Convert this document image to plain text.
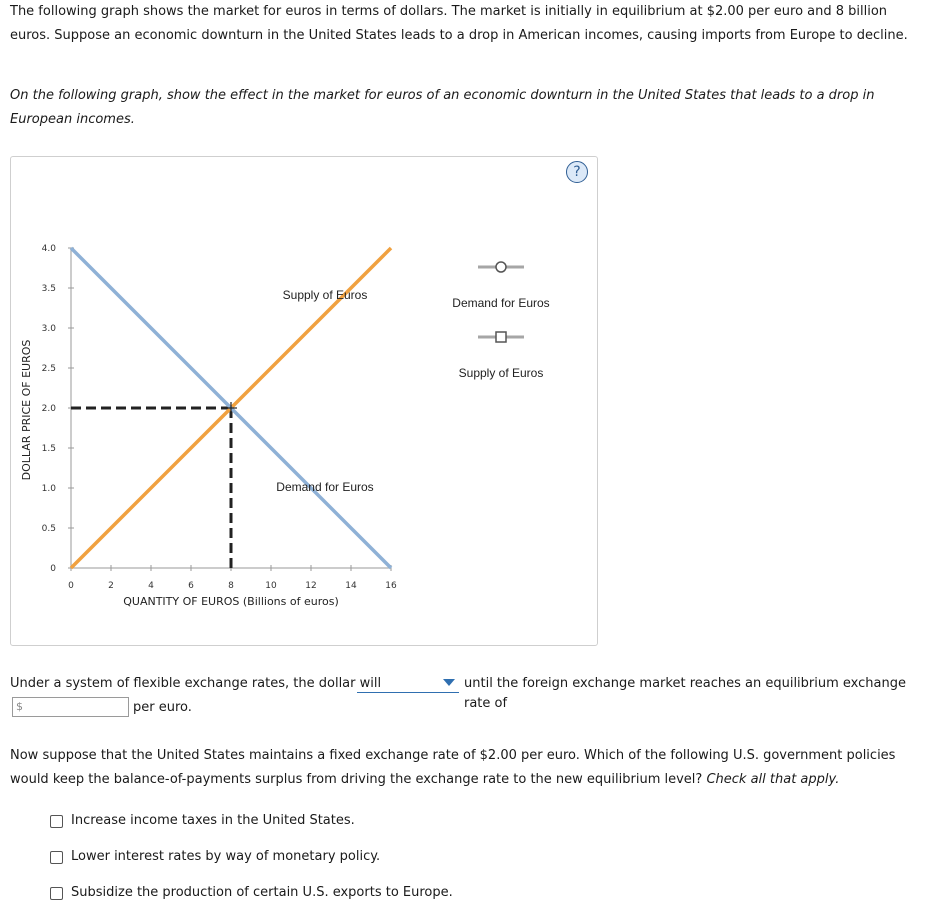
The following graph shows the market for euros in terms of dollars. The market is initially in equilibrium at $2.00 per euro and 8 billion euros. Suppose an economic downturn in the United States leads to a drop in American incomes, causing imports from Europe to decline.

On the following graph, show the effect in the market for euros of an economic downturn in the United States that leads to a drop in European incomes.

?
0
0.5
1.0
1.5
2.0
2.5
3.0
3.5
4.0
0	2	4	6	8	10	12	14	16
QUANTITY OF EUROS (Billions of euros)
DOLLAR PRICE OF EUROS
Supply of Euros
Demand for Euros
Demand for Euros
Supply of Euros
Under a system of flexible exchange rates, the dollar will	until the foreign exchange market reaches an equilibrium exchange rate of
$	per euro.

Now suppose that the United States maintains a fixed exchange rate of $2.00 per euro. Which of the following U.S. government policies would keep the balance-of-payments surplus from driving the exchange rate to the new equilibrium level? Check all that apply.

Increase income taxes in the United States.
Lower interest rates by way of monetary policy.
Subsidize the production of certain U.S. exports to Europe.
